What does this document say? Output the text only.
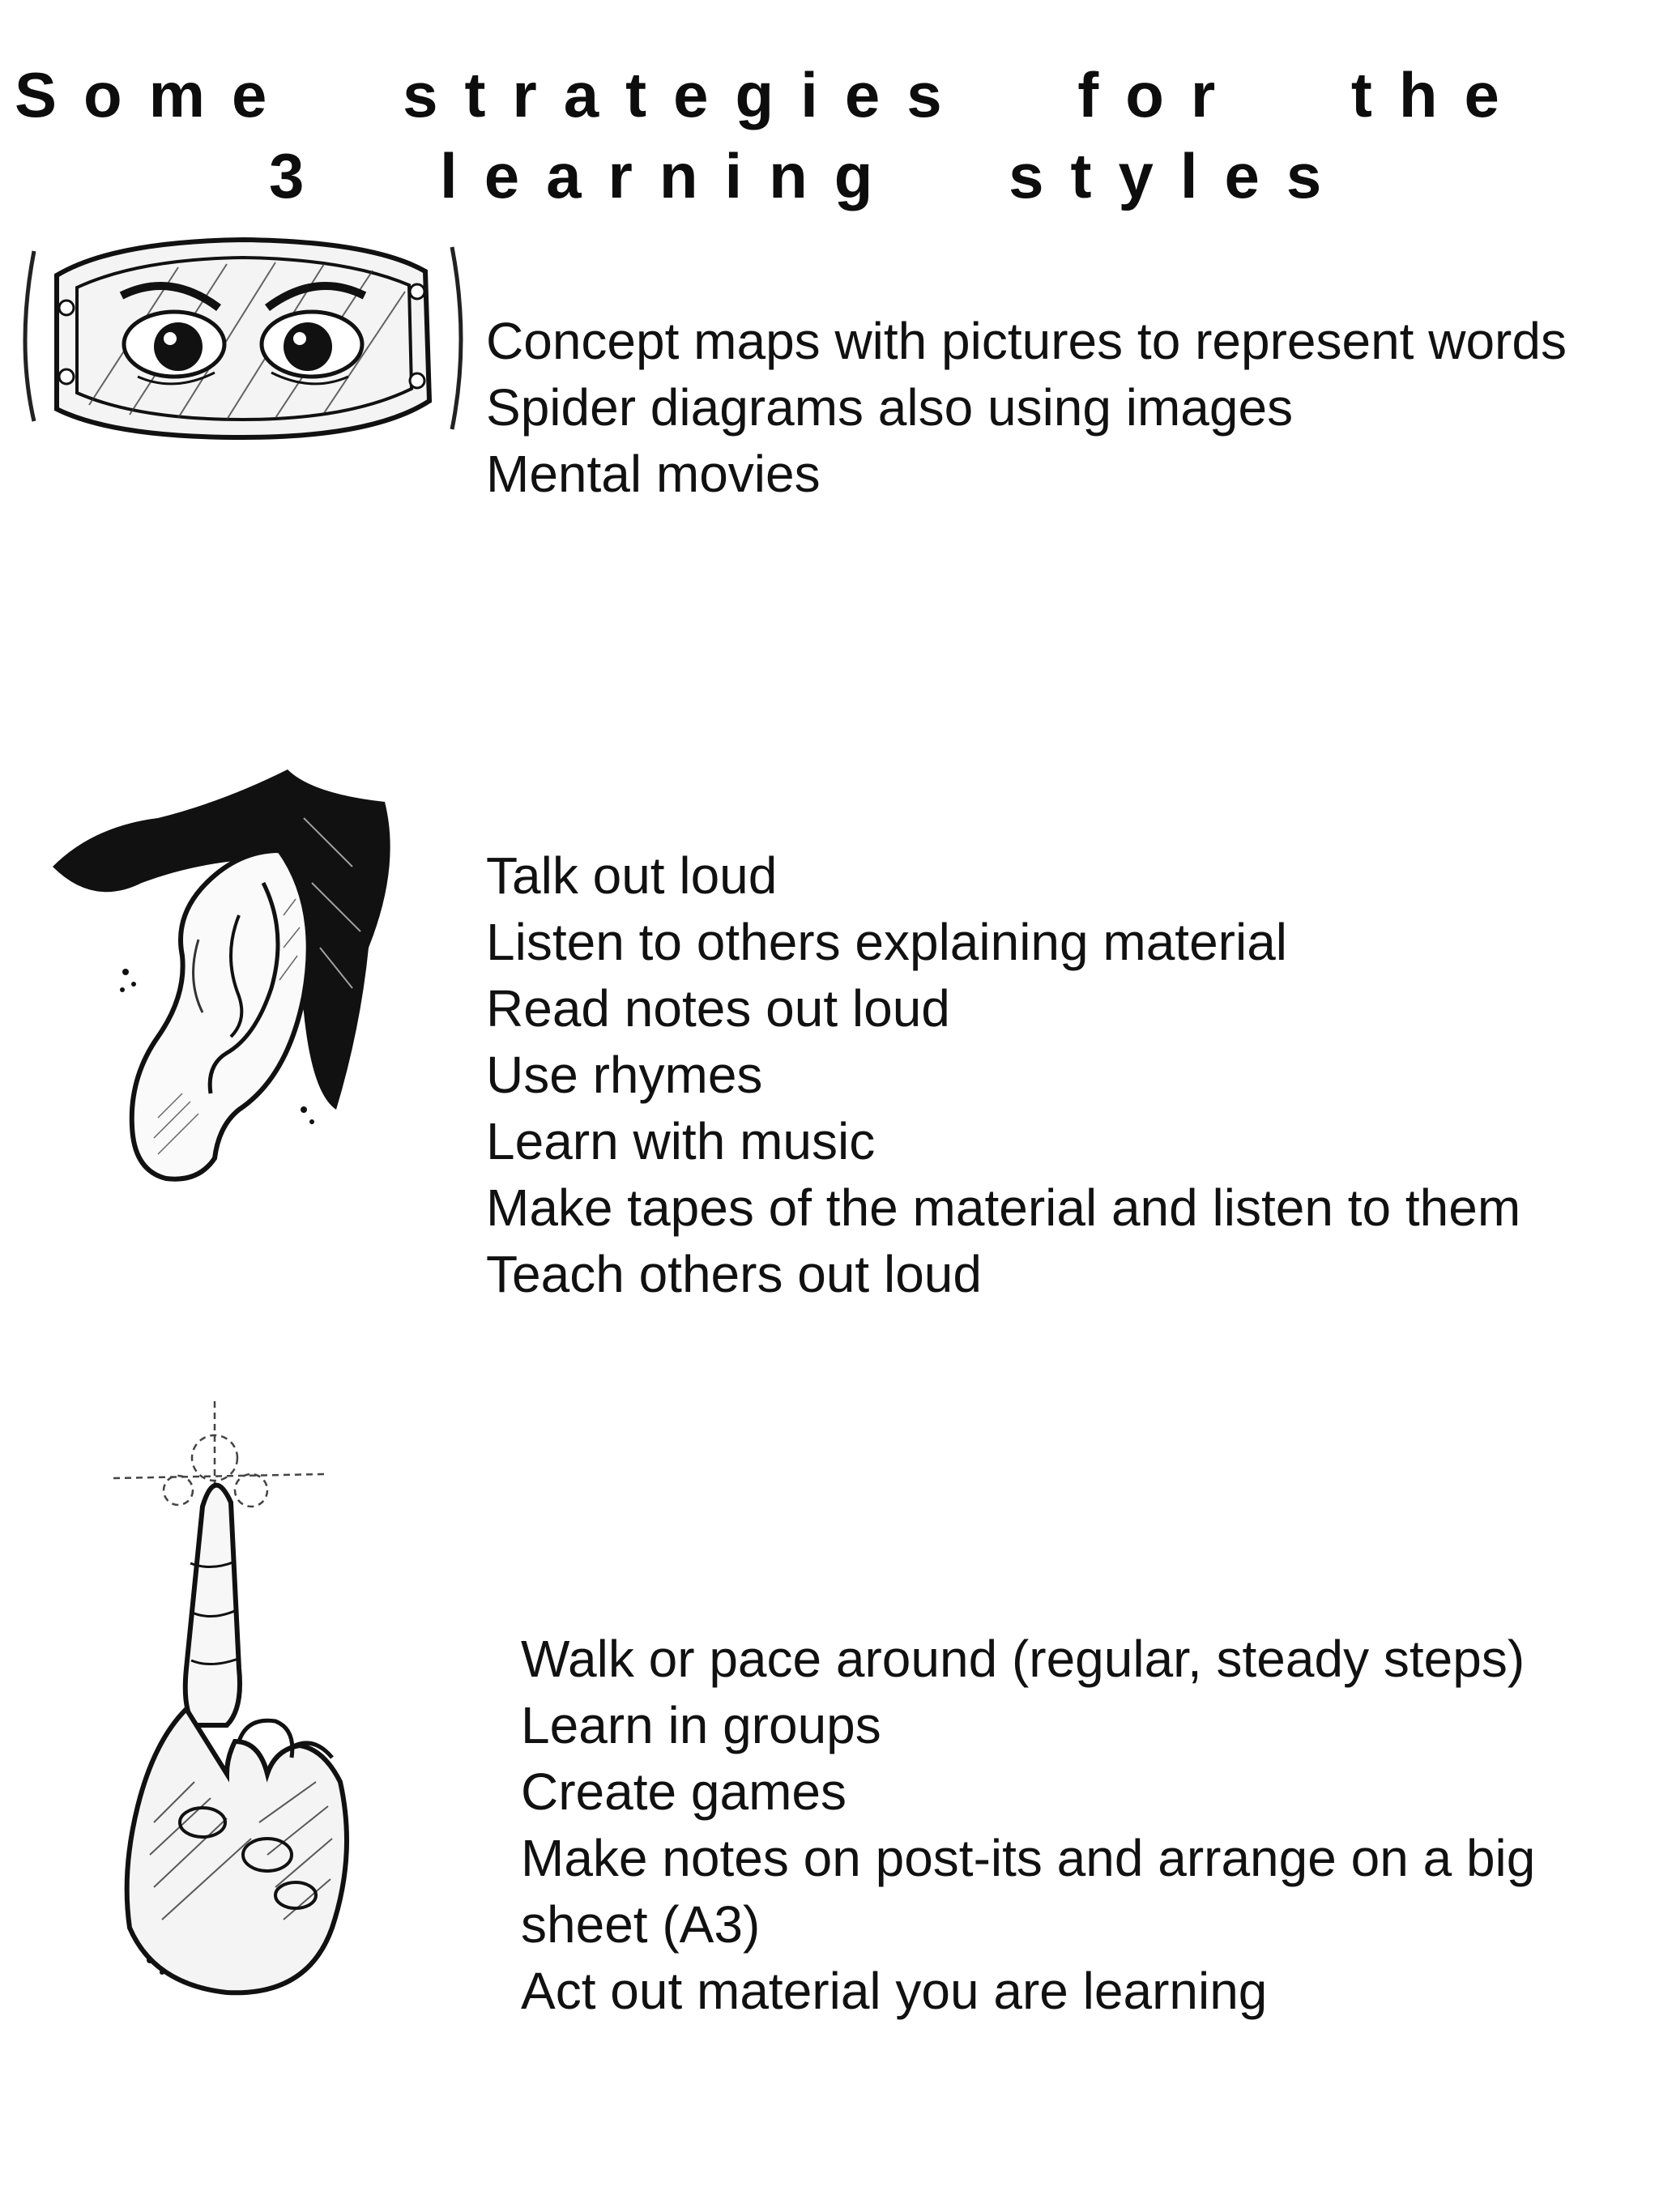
Some strategies for the
3 learning styles
Concept maps with pictures to represent words
Spider diagrams also using images
Mental movies
Talk out loud
Listen to others explaining material
Read notes out loud
Use rhymes
Learn with music
Make tapes of the material and listen to them
Teach others out loud
Walk or pace around (regular, steady steps)
Learn in groups
Create games
Make notes on post-its and arrange on a big sheet (A3)
Act out material you are learning
